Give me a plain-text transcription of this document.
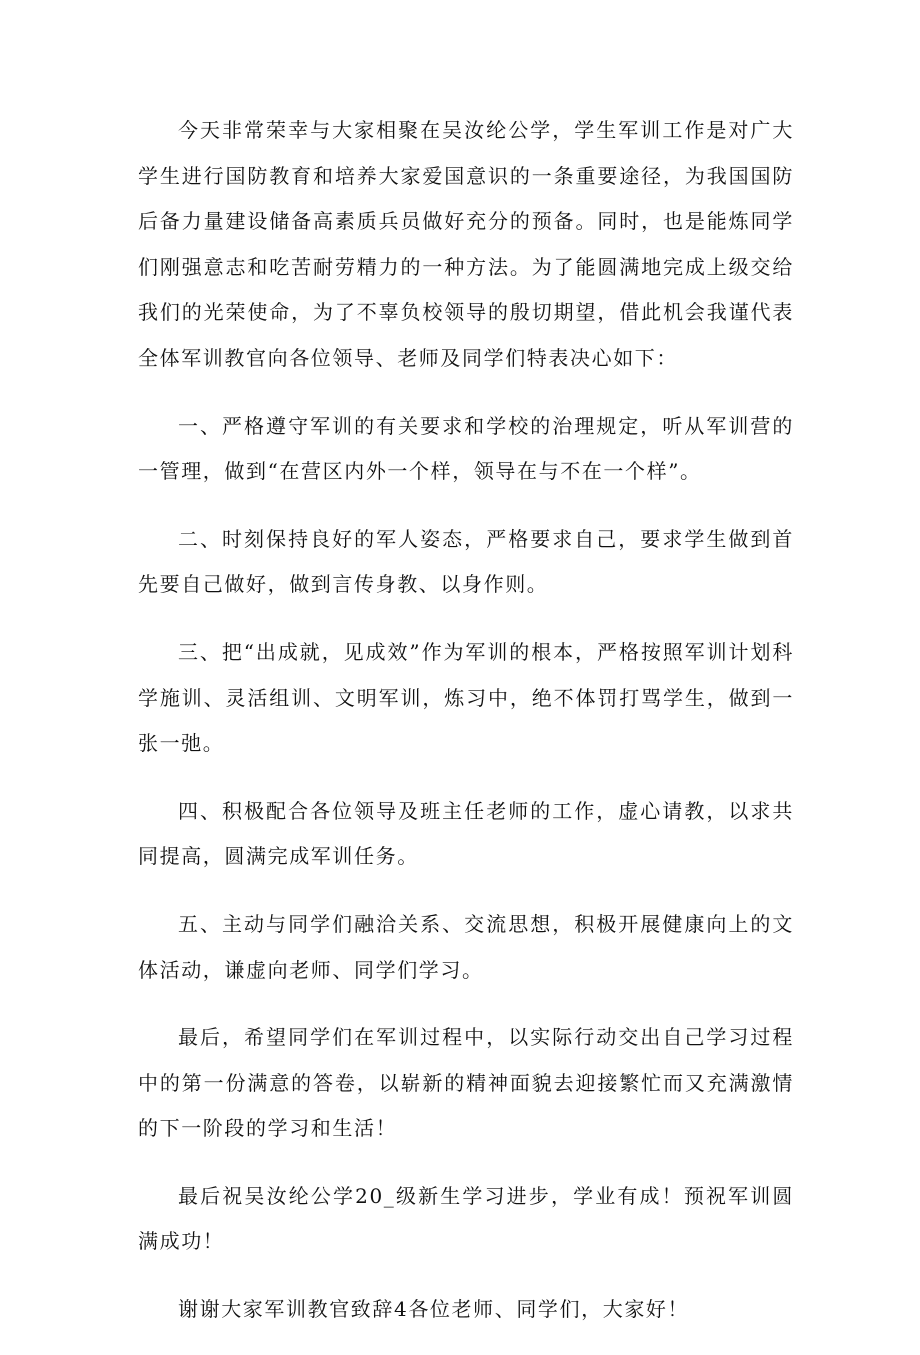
今天非常荣幸与大家相聚在吴汝纶公学，学生军训工作是对广大学生进行国防教育和培养大家爱国意识的一条重要途径，为我国国防后备力量建设储备高素质兵员做好充分的预备。同时，也是能炼同学们刚强意志和吃苦耐劳精力的一种方法。为了能圆满地完成上级交给我们的光荣使命，为了不辜负校领导的殷切期望，借此机会我谨代表全体军训教官向各位领导、老师及同学们特表决心如下：

一、严格遵守军训的有关要求和学校的治理规定，听从军训营的一管理，做到“在营区内外一个样，领导在与不在一个样”。

二、时刻保持良好的军人姿态，严格要求自己，要求学生做到首先要自己做好，做到言传身教、以身作则。

三、把“出成就，见成效”作为军训的根本，严格按照军训计划科学施训、灵活组训、文明军训，炼习中，绝不体罚打骂学生，做到一张一弛。

四、积极配合各位领导及班主任老师的工作，虚心请教，以求共同提高，圆满完成军训任务。

五、主动与同学们融洽关系、交流思想，积极开展健康向上的文体活动，谦虚向老师、同学们学习。

最后，希望同学们在军训过程中，以实际行动交出自己学习过程中的第一份满意的答卷，以崭新的精神面貌去迎接繁忙而又充满激情的下一阶段的学习和生活！

最后祝吴汝纶公学20_级新生学习进步，学业有成！预祝军训圆满成功！

谢谢大家军训教官致辞4各位老师、同学们，大家好！
